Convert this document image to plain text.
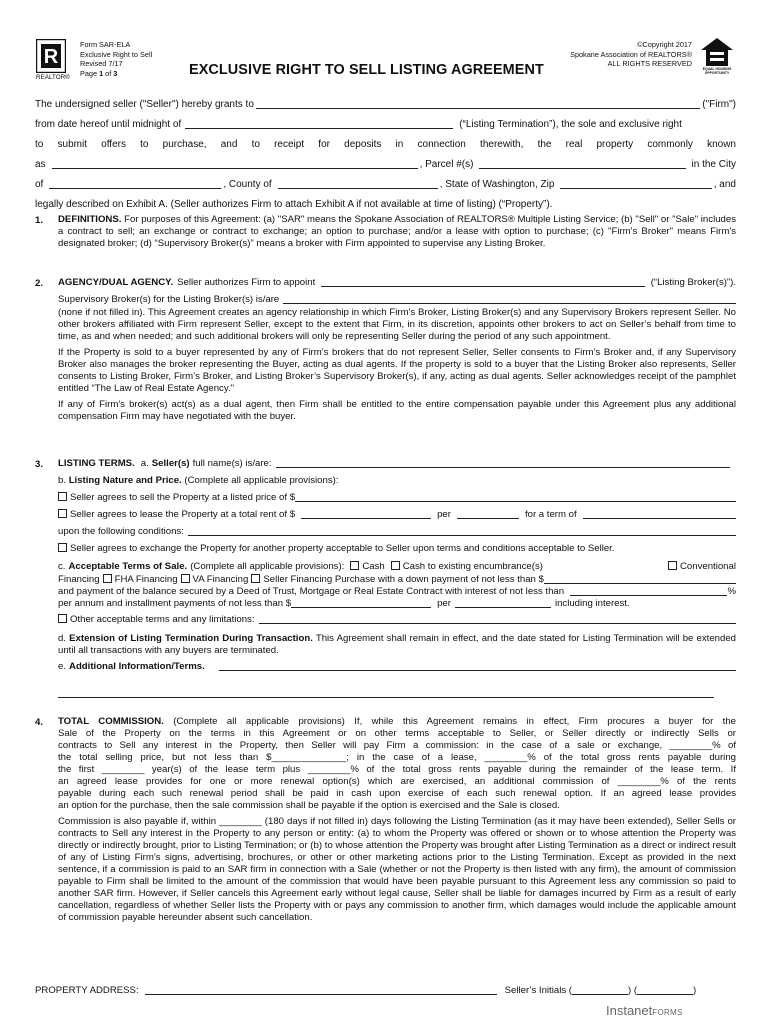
R
REALTOR®
Form SAR-ELA
Exclusive Right to Sell
Revised 7/17
Page 1 of 3	EXCLUSIVE RIGHT TO SELL LISTING AGREEMENT
©Copyright 2017
Spokane Association of REALTORS®
ALL RIGHTS RESERVED
EQUAL HOUSING OPPORTUNITY
The undersigned seller ("Seller") hereby grants to	("Firm")
from date hereof until midnight of	(“Listing Termination”), the sole and exclusive right
to submit offers to purchase, and to receipt for deposits in connection therewith, the real property commonly known
as	, Parcel #(s)	in the City
of	, County of	, State of Washington, Zip	, and
legally described on Exhibit A. (Seller authorizes Firm to attach Exhibit A if not available at time of listing) (“Property”).
1. DEFINITIONS. For purposes of this Agreement: (a) "SAR" means the Spokane Association of REALTORS® Multiple Listing Service; (b) "Sell" or "Sale" includes a contract to sell; an exchange or contract to exchange; an option to purchase; and/or a lease with option to purchase; (c) "Firm's Broker" means Firm's designated broker; (d) “Supervisory Broker(s)” means a broker with Firm appointed to supervise any Listing Broker.
2. AGENCY/DUAL AGENCY. Seller authorizes Firm to appoint	(“Listing Broker(s)”).
Supervisory Broker(s) for the Listing Broker(s) is/are
(none if not filled in). This Agreement creates an agency relationship in which Firm's Broker, Listing Broker(s) and any Supervisory Brokers represent Seller. No other brokers affiliated with Firm represent Seller, except to the extent that Firm, in its discretion, appoints other brokers to act on Seller’s behalf from time to time, as and when needed; and such additional brokers will only be representing Seller during the period of any such appointment.
If the Property is sold to a buyer represented by any of Firm’s brokers that do not represent Seller, Seller consents to Firm’s Broker and, if any Supervisory Broker also manages the broker representing the Buyer, acting as dual agents. If the property is sold to a buyer that the Listing Broker also represents, Seller consents to Listing Broker, Firm’s Broker, and Listing Broker’s Supervisory Broker(s), if any, acting as dual agents. Seller acknowledges receipt of the pamphlet entitled “The Law of Real Estate Agency."
If any of Firm's broker(s) act(s) as a dual agent, then Firm shall be entitled to the entire compensation payable under this Agreement plus any additional compensation Firm may have negotiated with the buyer.
3. LISTING TERMS. a. Seller(s) full name(s) is/are:
b. Listing Nature and Price. (Complete all applicable provisions):
Seller agrees to sell the Property at a listed price of $
Seller agrees to lease the Property at a total rent of $	per	for a term of
upon the following conditions:
Seller agrees to exchange the Property for another property acceptable to Seller upon terms and conditions acceptable to Seller.
c. Acceptable Terms of Sale. (Complete all applicable provisions): Cash Cash to existing encumbrance(s)	Conventional
Financing FHA Financing VA Financing Seller Financing Purchase with a down payment of not less than $
and payment of the balance secured by a Deed of Trust, Mortgage or Real Estate Contract with interest of not less than	%
per annum and installment payments of not less than $	per	including interest.
Other acceptable terms and any limitations:
d. Extension of Listing Termination During Transaction. This Agreement shall remain in effect, and the date stated for Listing Termination will be extended until all transactions with any buyers are terminated.
e. Additional Information/Terms.
4. TOTAL COMMISSION. (Complete all applicable provisions) If, while this Agreement remains in effect, Firm procures a buyer for the
Sale of the Property on the terms in this Agreement or on other terms acceptable to Seller, or Seller directly or indirectly Sells or
contracts to Sell any interest in the Property, then Seller will pay Firm a commission: in the case of a sale or exchange, ________% of
the total selling price, but not less than $______________; in the case of a lease, ________% of the total gross rents payable during
the first ________ year(s) of the lease term plus ________% of the total gross rents payable during the remainder of the lease term. If
an agreed lease provides for one or more renewal option(s) which are exercised, an additional commission of ________% of the rents
payable during each such renewal period shall be paid in cash upon exercise of each such renewal option. If an agreed lease provides
an option for the purchase, then the sale commission shall be payable if the option is exercised and the Sale is closed.
Commission is also payable if, within ________ (180 days if not filled in) days following the Listing Termination (as it may have been extended), Seller Sells or contracts to Sell any interest in the Property to any person or entity: (a) to whom the Property was offered or shown or to whose attention the Property was directly or indirectly brought, prior to Listing Termination; or (b) to whose attention the Property was brought after Listing Termination as a direct or indirect result of any of Listing Firm’s signs, advertising, brochures, or other or other marketing actions prior to the Listing Termination. Except as provided in the next sentence, if a commission is paid to an SAR firm in connection with a Sale (whether or not the Property is then listed with any firm), the amount of commission payable to Firm shall be limited to the amount of the commission that would have been payable pursuant to this Agreement less any commission so paid to another SAR firm. However, if Seller cancels this Agreement early without legal cause, Seller shall be liable for damages incurred by Firm as a result of early cancellation, regardless of whether Seller lists the Property with or pays any commission to another firm, which damages would include the applicable amount of commission payable hereunder absent such cancellation.
PROPERTY ADDRESS:	Seller’s Initials (	) (	)
InstanetFORMS
